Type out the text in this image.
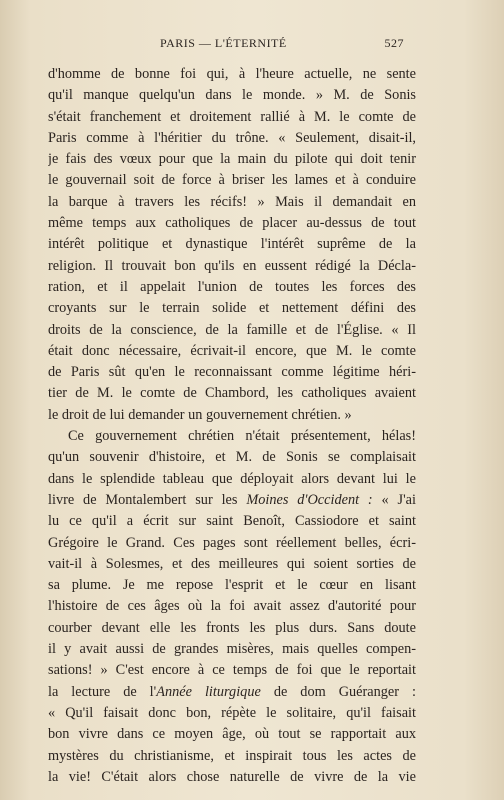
PARIS — L'ÉTERNITÉ	527
d'homme de bonne foi qui, à l'heure actuelle, ne sente
qu'il manque quelqu'un dans le monde. » M. de Sonis
s'était franchement et droitement rallié à M. le comte de
Paris comme à l'héritier du trône. « Seulement, disait-il,
je fais des vœux pour que la main du pilote qui doit tenir
le gouvernail soit de force à briser les lames et à conduire
la barque à travers les récifs! » Mais il demandait en
même temps aux catholiques de placer au-dessus de tout
intérêt politique et dynastique l'intérêt suprême de la
religion. Il trouvait bon qu'ils en eussent rédigé la Décla-
ration, et il appelait l'union de toutes les forces des
croyants sur le terrain solide et nettement défini des
droits de la conscience, de la famille et de l'Église. « Il
était donc nécessaire, écrivait-il encore, que M. le comte
de Paris sût qu'en le reconnaissant comme légitime héri-
tier de M. le comte de Chambord, les catholiques avaient
le droit de lui demander un gouvernement chrétien. »
Ce gouvernement chrétien n'était présentement, hélas!
qu'un souvenir d'histoire, et M. de Sonis se complaisait
dans le splendide tableau que déployait alors devant lui le
livre de Montalembert sur les Moines d'Occident : « J'ai
lu ce qu'il a écrit sur saint Benoît, Cassiodore et saint
Grégoire le Grand. Ces pages sont réellement belles, écri-
vait-il à Solesmes, et des meilleures qui soient sorties de
sa plume. Je me repose l'esprit et le cœur en lisant
l'histoire de ces âges où la foi avait assez d'autorité pour
courber devant elle les fronts les plus durs. Sans doute
il y avait aussi de grandes misères, mais quelles compen-
sations! » C'est encore à ce temps de foi que le reportait
la lecture de l'Année liturgique de dom Guéranger :
« Qu'il faisait donc bon, répète le solitaire, qu'il faisait
bon vivre dans ce moyen âge, où tout se rapportait aux
mystères du christianisme, et inspirait tous les actes de
la vie! C'était alors chose naturelle de vivre de la vie
